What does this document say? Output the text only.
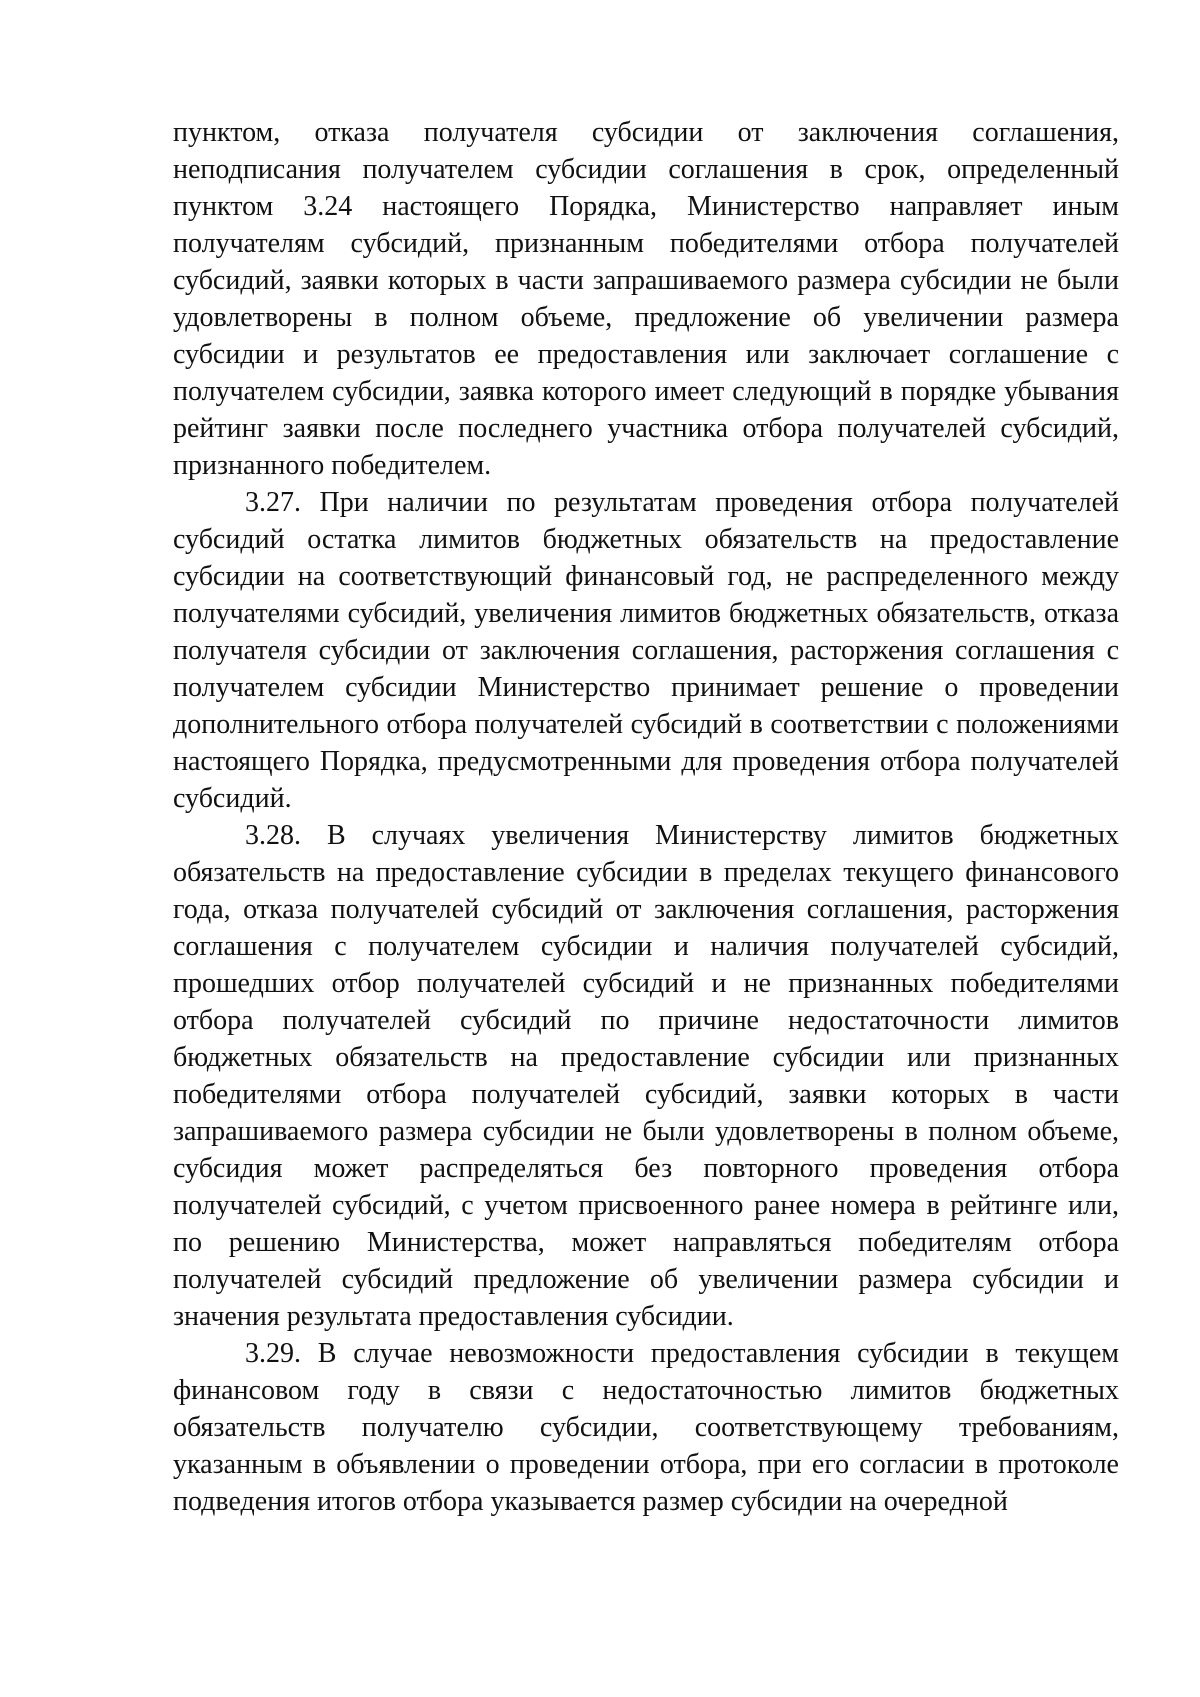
пунктом, отказа получателя субсидии от заключения соглашения, неподписания получателем субсидии соглашения в срок, определенный пунктом 3.24 настоящего Порядка, Министерство направляет иным получателям субсидий, признанным победителями отбора получателей субсидий, заявки которых в части запрашиваемого размера субсидии не были удовлетворены в полном объеме, предложение об увеличении размера субсидии и результатов ее предоставления или заключает соглашение с получателем субсидии, заявка которого имеет следующий в порядке убывания рейтинг заявки после последнего участника отбора получателей субсидий, признанного победителем.

3.27. При наличии по результатам проведения отбора получателей субсидий остатка лимитов бюджетных обязательств на предоставление субсидии на соответствующий финансовый год, не распределенного между получателями субсидий, увеличения лимитов бюджетных обязательств, отказа получателя субсидии от заключения соглашения, расторжения соглашения с получателем субсидии Министерство принимает решение о проведении дополнительного отбора получателей субсидий в соответствии с положениями настоящего Порядка, предусмотренными для проведения отбора получателей субсидий.

3.28. В случаях увеличения Министерству лимитов бюджетных обязательств на предоставление субсидии в пределах текущего финансового года, отказа получателей субсидий от заключения соглашения, расторжения соглашения с получателем субсидии и наличия получателей субсидий, прошедших отбор получателей субсидий и не признанных победителями отбора получателей субсидий по причине недостаточности лимитов бюджетных обязательств на предоставление субсидии или признанных победителями отбора получателей субсидий, заявки которых в части запрашиваемого размера субсидии не были удовлетворены в полном объеме, субсидия может распределяться без повторного проведения отбора получателей субсидий, с учетом присвоенного ранее номера в рейтинге или, по решению Министерства, может направляться победителям отбора получателей субсидий предложение об увеличении размера субсидии и значения результата предоставления субсидии.

3.29. В случае невозможности предоставления субсидии в текущем финансовом году в связи с недостаточностью лимитов бюджетных обязательств получателю субсидии, соответствующему требованиям, указанным в объявлении о проведении отбора, при его согласии в протоколе подведения итогов отбора указывается размер субсидии на очередной
